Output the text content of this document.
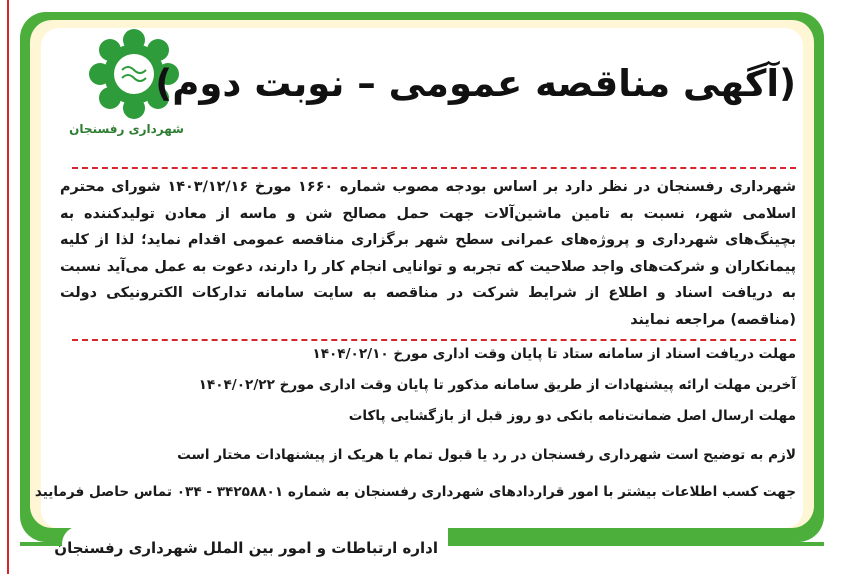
شهرداری رفسنجان
(آگهی مناقصه عمومی – نوبت دوم)
شهرداری رفسنجان در نظر دارد بر اساس بودجه مصوب شماره ۱۶۶۰ مورخ ۱۴۰۳/۱۲/۱۶ شورای محترم اسلامی شهر، نسبت به تامین ماشین‌آلات جهت حمل مصالح شن و ماسه از معادن تولیدکننده به بچینگ‌های شهرداری و پروژه‌های عمرانی سطح شهر برگزاری مناقصه عمومی اقدام نماید؛ لذا از کلیه پیمانکاران و شرکت‌های واجد صلاحیت که تجربه و توانایی انجام کار را دارند، دعوت به عمل می‌آید نسبت به دریافت اسناد و اطلاع از شرایط شرکت در مناقصه به سایت سامانه تدارکات الکترونیکی دولت (مناقصه) مراجعه نمایند
مهلت دریافت اسناد از سامانه ستاد تا پایان وقت اداری مورخ ۱۴۰۴/۰۲/۱۰
آخرین مهلت ارائه پیشنهادات از طریق سامانه مذکور تا پایان وقت اداری مورخ ۱۴۰۴/۰۲/۲۲
مهلت ارسال اصل ضمانت‌نامه بانکی دو روز قبل از بازگشایی پاکات
لازم به توضیح است شهرداری رفسنجان در رد یا قبول تمام یا هریک از پیشنهادات مختار است
جهت کسب اطلاعات بیشتر با امور قراردادهای شهرداری رفسنجان به شماره ۳۴۲۵۸۸۰۱ - ۰۳۴ تماس حاصل فرمایید
اداره ارتباطات و امور بین الملل شهرداری رفسنجان
